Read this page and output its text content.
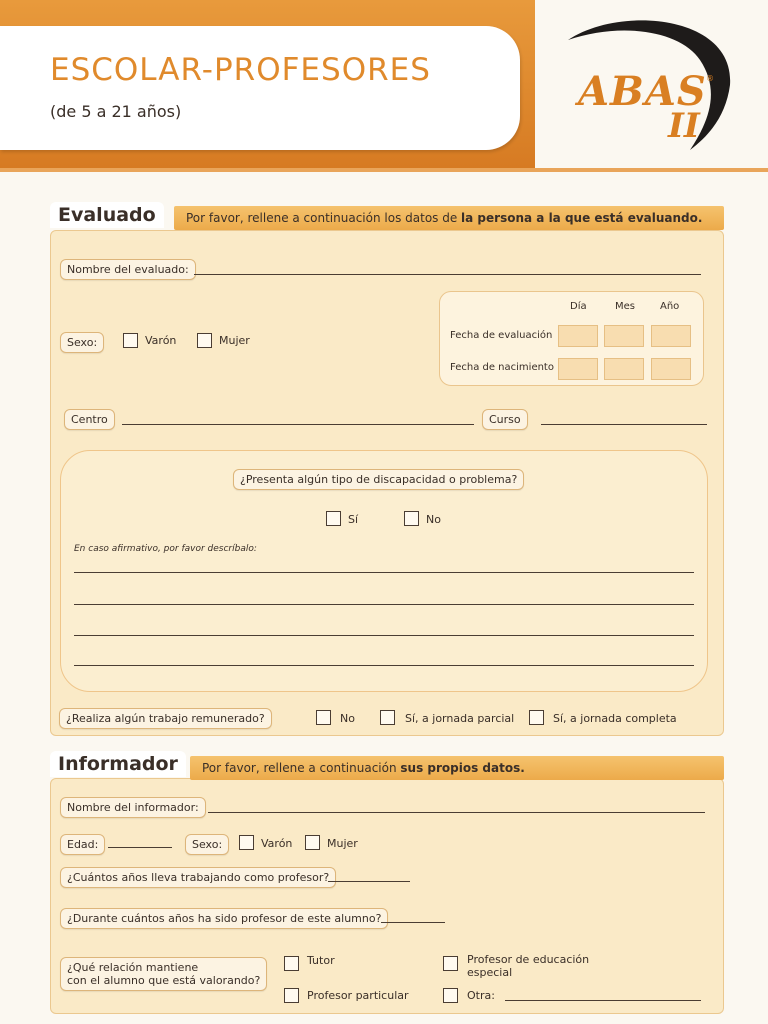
ESCOLAR-PROFESORES
(de 5 a 21 años)	ABAS ®
II
Evaluado	Por favor, rellene a continuación los datos de la persona a la que está evaluando.
Nombre del evaluado:
Sexo:	Varón	Mujer
Día	Mes	Año
Fecha de evaluación
Fecha de nacimiento
Centro	Curso
¿Presenta algún tipo de discapacidad o problema?
Sí	No
En caso afirmativo, por favor descríbalo:
¿Realiza algún trabajo remunerado?	No	Sí, a jornada parcial	Sí, a jornada completa
Informador	Por favor, rellene a continuación sus propios datos.
Nombre del informador:
Edad:	Sexo:	Varón	Mujer
¿Cuántos años lleva trabajando como profesor?
¿Durante cuántos años ha sido profesor de este alumno?
¿Qué relación mantiene
con el alumno que está valorando?
Tutor
Profesor particular
Profesor de educación
especial
Otra:
